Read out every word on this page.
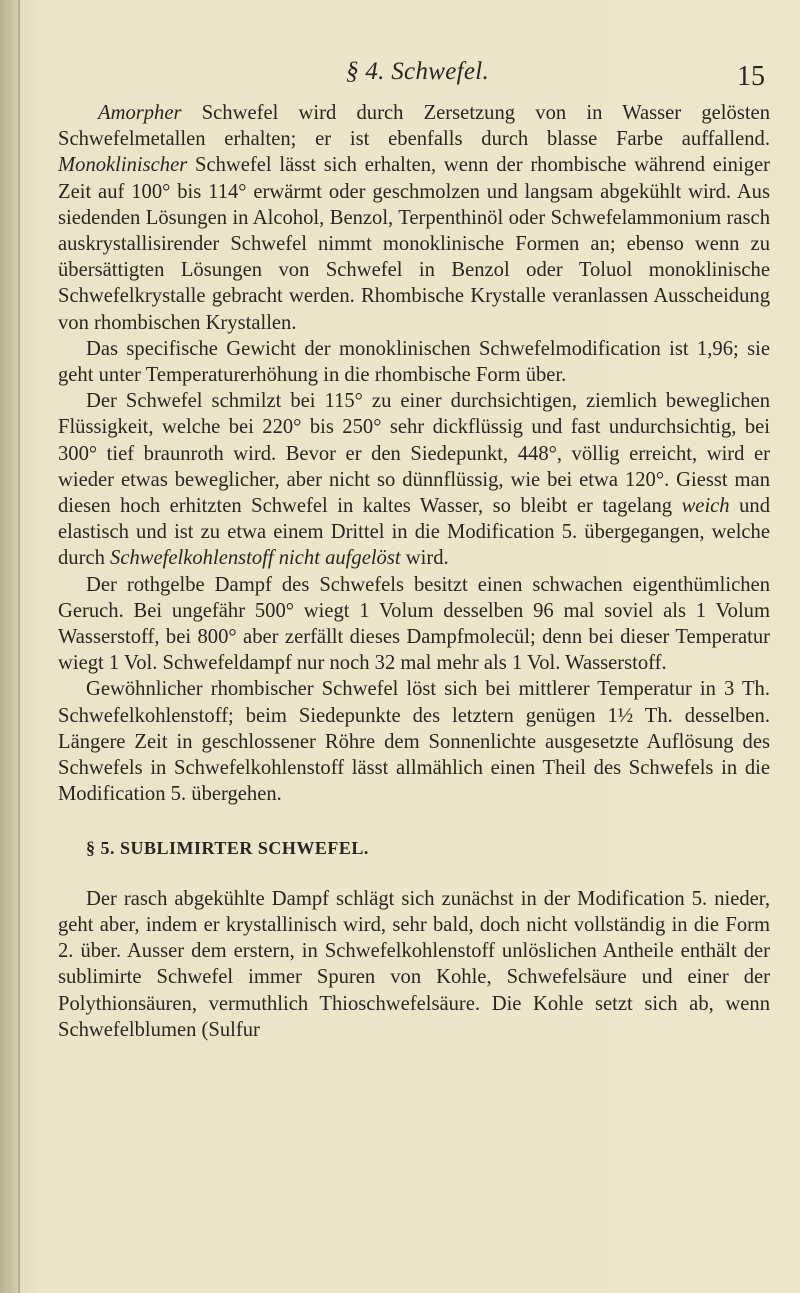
§ 4. Schwefel.	15

Amorpher Schwefel wird durch Zersetzung von in Wasser gelösten Schwefelmetallen erhalten; er ist ebenfalls durch blasse Farbe auffallend. Monoklinischer Schwefel lässt sich erhalten, wenn der rhombische während einiger Zeit auf 100° bis 114° erwärmt oder geschmolzen und langsam abgekühlt wird. Aus siedenden Lösungen in Alcohol, Benzol, Terpenthinöl oder Schwefelammonium rasch auskrystallisirender Schwefel nimmt monoklinische Formen an; ebenso wenn zu übersättigten Lösungen von Schwefel in Benzol oder Toluol monoklinische Schwefelkrystalle gebracht werden. Rhombische Krystalle veranlassen Ausscheidung von rhombischen Krystallen.

Das specifische Gewicht der monoklinischen Schwefelmodification ist 1,96; sie geht unter Temperaturerhöhung in die rhombische Form über.

Der Schwefel schmilzt bei 115° zu einer durchsichtigen, ziemlich beweglichen Flüssigkeit, welche bei 220° bis 250° sehr dickflüssig und fast undurchsichtig, bei 300° tief braunroth wird. Bevor er den Siedepunkt, 448°, völlig erreicht, wird er wieder etwas beweglicher, aber nicht so dünnflüssig, wie bei etwa 120°. Giesst man diesen hoch erhitzten Schwefel in kaltes Wasser, so bleibt er tagelang weich und elastisch und ist zu etwa einem Drittel in die Modification 5. übergegangen, welche durch Schwefelkohlenstoff nicht aufgelöst wird.

Der rothgelbe Dampf des Schwefels besitzt einen schwachen eigenthümlichen Geruch. Bei ungefähr 500° wiegt 1 Volum desselben 96 mal soviel als 1 Volum Wasserstoff, bei 800° aber zerfällt dieses Dampfmolecül; denn bei dieser Temperatur wiegt 1 Vol. Schwefeldampf nur noch 32 mal mehr als 1 Vol. Wasserstoff.

Gewöhnlicher rhombischer Schwefel löst sich bei mittlerer Temperatur in 3 Th. Schwefelkohlenstoff; beim Siedepunkte des letztern genügen 1½ Th. desselben. Längere Zeit in geschlossener Röhre dem Sonnenlichte ausgesetzte Auflösung des Schwefels in Schwefelkohlenstoff lässt allmählich einen Theil des Schwefels in die Modification 5. übergehen.

§ 5. SUBLIMIRTER SCHWEFEL.

Der rasch abgekühlte Dampf schlägt sich zunächst in der Modification 5. nieder, geht aber, indem er krystallinisch wird, sehr bald, doch nicht vollständig in die Form 2. über. Ausser dem erstern, in Schwefelkohlenstoff unlöslichen Antheile enthält der sublimirte Schwefel immer Spuren von Kohle, Schwefelsäure und einer der Polythionsäuren, vermuthlich Thioschwefelsäure. Die Kohle setzt sich ab, wenn Schwefelblumen (Sulfur
